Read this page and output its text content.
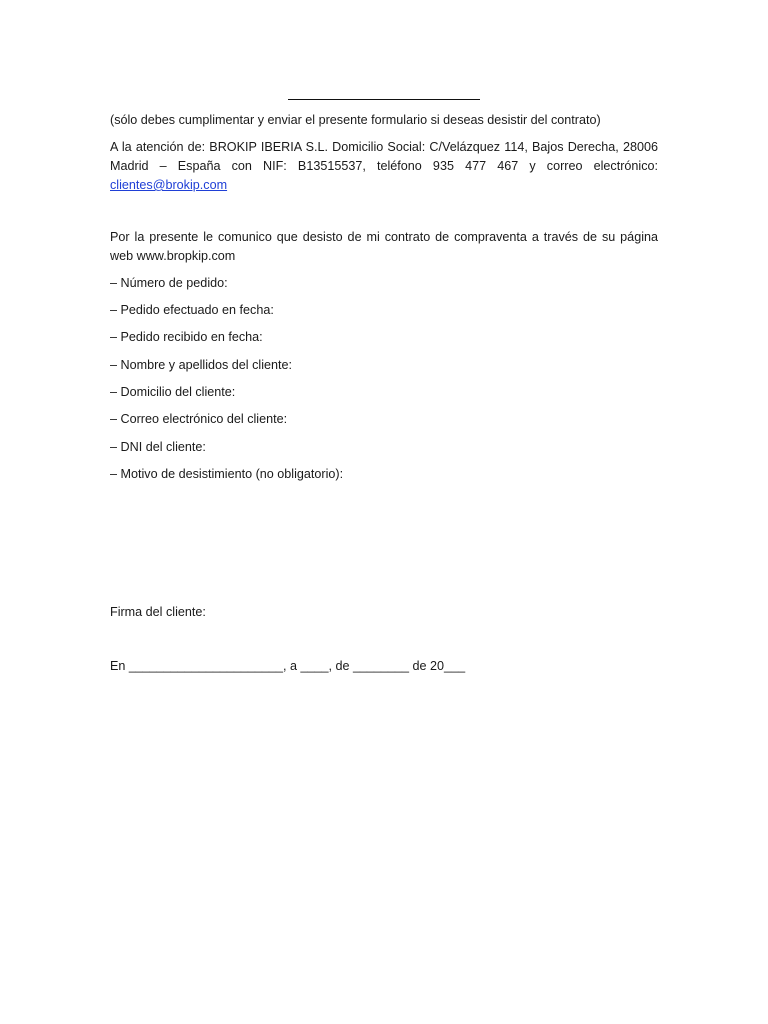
(sólo debes cumplimentar y enviar el presente formulario si deseas desistir del contrato)
A la atención de: BROKIP IBERIA S.L. Domicilio Social: C/Velázquez 114, Bajos Derecha, 28006 Madrid – España con NIF: B13515537, teléfono 935 477 467 y correo electrónico: clientes@brokip.com
Por la presente le comunico que desisto de mi contrato de compraventa a través de su página web www.bropkip.com
– Número de pedido:
– Pedido efectuado en fecha:
– Pedido recibido en fecha:
– Nombre y apellidos del cliente:
– Domicilio del cliente:
– Correo electrónico del cliente:
– DNI del cliente:
– Motivo de desistimiento (no obligatorio):
Firma del cliente:
En ______________________, a ____, de ________ de 20___
